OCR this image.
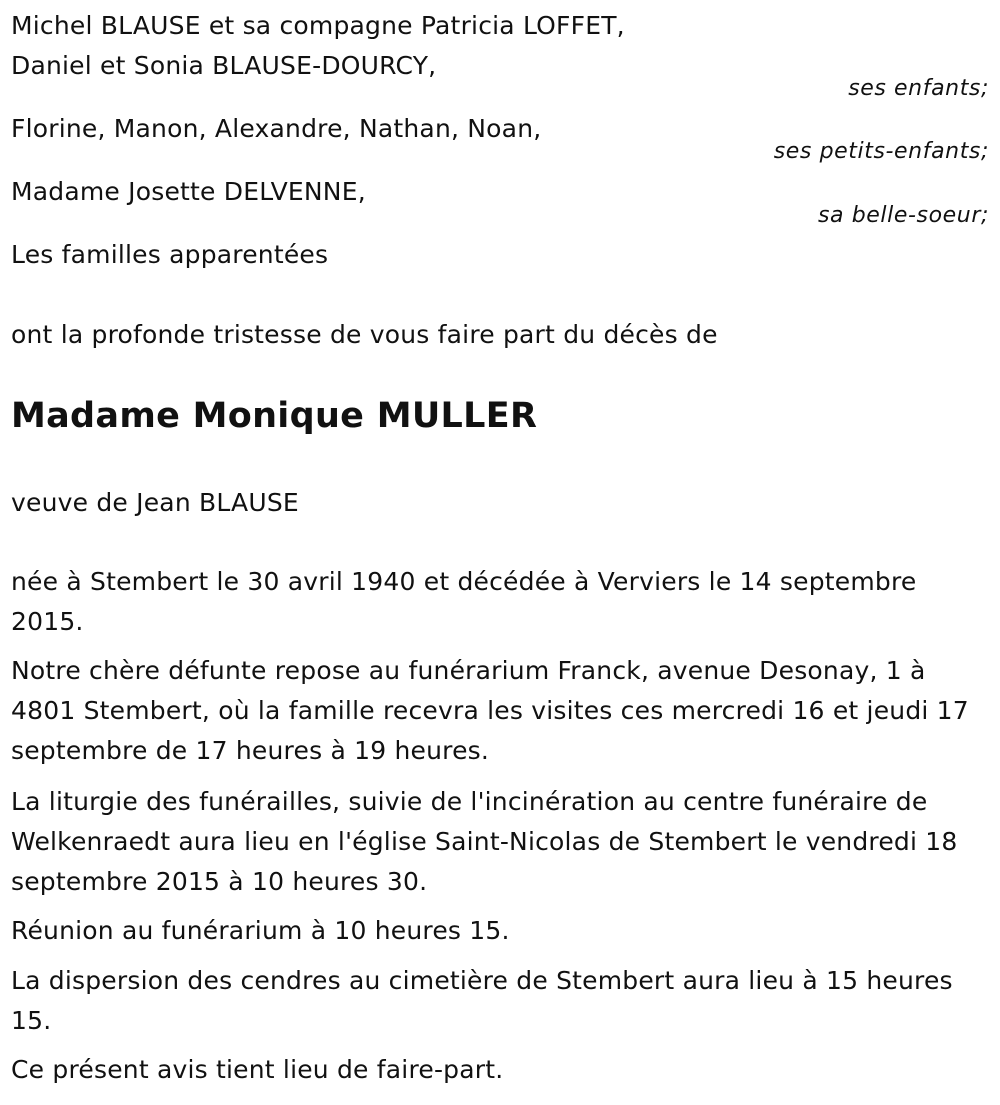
Michel BLAUSE et sa compagne Patricia LOFFET,
Daniel et Sonia BLAUSE-DOURCY,
ses enfants;
Florine, Manon, Alexandre, Nathan, Noan,
ses petits-enfants;
Madame Josette DELVENNE,
sa belle-soeur;
Les familles apparentées
ont la profonde tristesse de vous faire part du décès de
Madame Monique MULLER
veuve de Jean BLAUSE
née à Stembert le 30 avril 1940 et décédée à Verviers le 14 septembre 2015.
Notre chère défunte repose au funérarium Franck, avenue Desonay, 1 à 4801 Stembert, où la famille recevra les visites ces mercredi 16 et jeudi 17 septembre de 17 heures à 19 heures.
La liturgie des funérailles, suivie de l'incinération au centre funéraire de Welkenraedt aura lieu en l'église Saint-Nicolas de Stembert le vendredi 18 septembre 2015 à 10 heures 30.
Réunion au funérarium à 10 heures 15.
La dispersion des cendres au cimetière de Stembert aura lieu à 15 heures 15.
Ce présent avis tient lieu de faire-part.
